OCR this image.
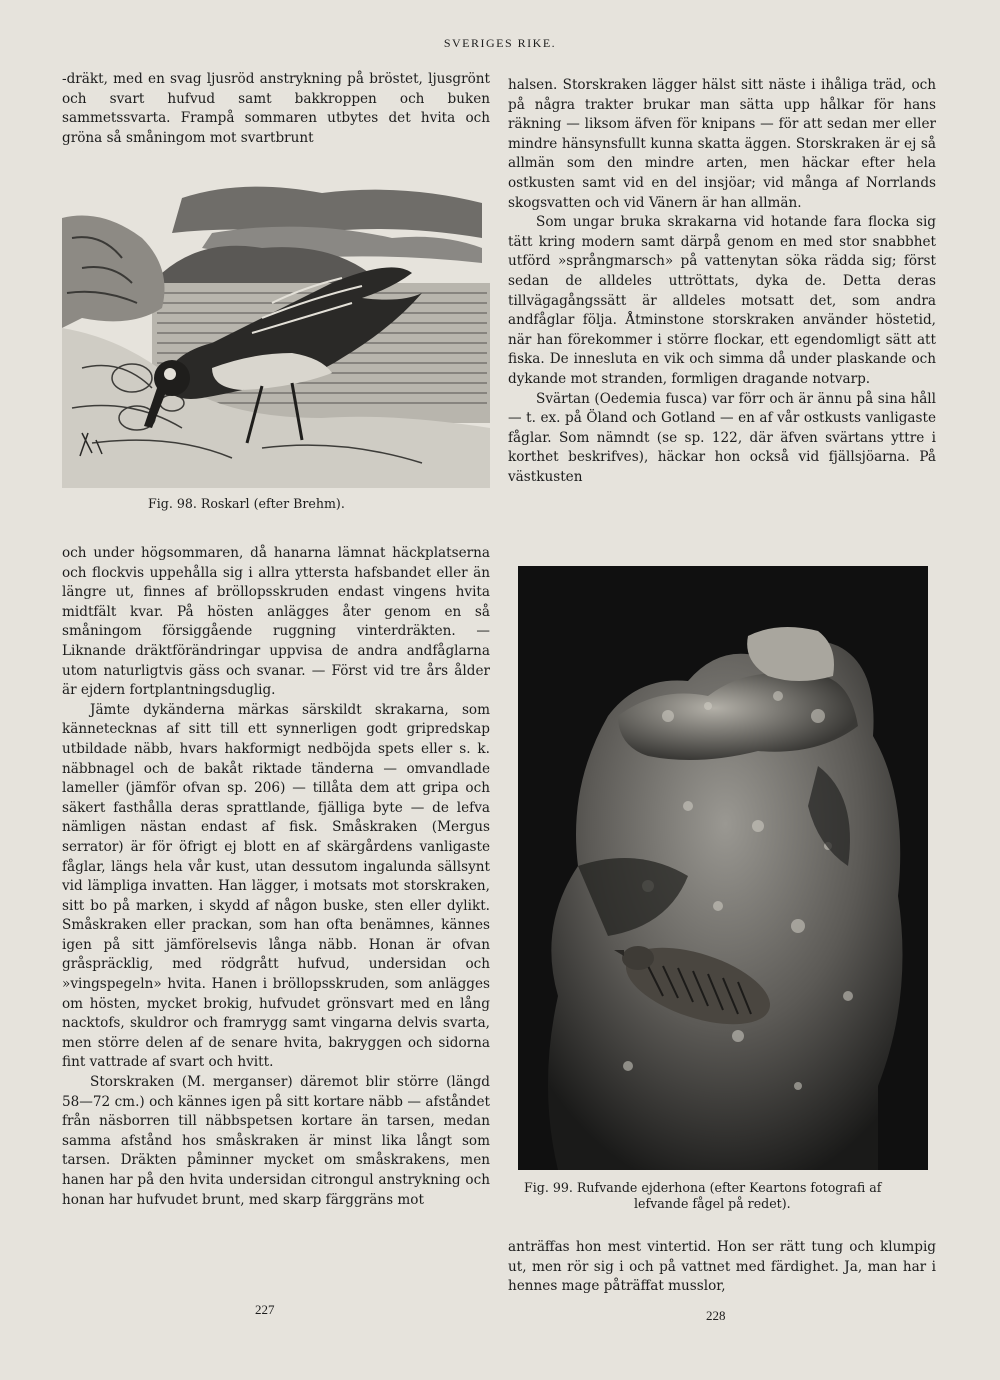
SVERIGES RIKE.

-dräkt, med en svag ljusröd anstrykning på bröstet, ljusgrönt och svart hufvud samt bakkroppen och buken sammetssvarta. Frampå sommaren utbytes det hvita och gröna så småningom mot svartbrunt

Fig. 98. Roskarl (efter Brehm).

och under högsommaren, då hanarna lämnat häckplatserna och flockvis uppehålla sig i allra yttersta hafsbandet eller än längre ut, finnes af bröllopsskruden endast vingens hvita midtfält kvar. På hösten anlägges åter genom en så småningom försiggående ruggning vinterdräkten. — Liknande dräktförändringar uppvisa de andra andfåglarna utom naturligtvis gäss och svanar. — Först vid tre års ålder är ejdern fortplantningsduglig.

Jämte dykänderna märkas särskildt skrakarna, som kännetecknas af sitt till ett synnerligen godt gripredskap utbildade näbb, hvars hakformigt nedböjda spets eller s. k. näbbnagel och de bakåt riktade tänderna — omvandlade lameller (jämför ofvan sp. 206) — tillåta dem att gripa och säkert fasthålla deras sprattlande, fjälliga byte — de lefva nämligen nästan endast af fisk. Småskraken (Mergus serrator) är för öfrigt ej blott en af skärgårdens vanligaste fåglar, längs hela vår kust, utan dessutom ingalunda sällsynt vid lämpliga invatten. Han lägger, i motsats mot storskraken, sitt bo på marken, i skydd af någon buske, sten eller dylikt. Småskraken eller prackan, som han ofta benämnes, kännes igen på sitt jämförelsevis långa näbb. Honan är ofvan gråspräcklig, med rödgrått hufvud, undersidan och »vingspegeln» hvita. Hanen i bröllopsskruden, som anlägges om hösten, mycket brokig, hufvudet grönsvart med en lång nacktofs, skuldror och framrygg samt vingarna delvis svarta, men större delen af de senare hvita, bakryggen och sidorna fint vattrade af svart och hvitt.

Storskraken (M. merganser) däremot blir större (längd 58—72 cm.) och kännes igen på sitt kortare näbb — afståndet från näsborren till näbbspetsen kortare än tarsen, medan samma afstånd hos småskraken är minst lika långt som tarsen. Dräkten påminner mycket om småskrakens, men hanen har på den hvita undersidan citrongul anstrykning och honan har hufvudet brunt, med skarp färggräns mot

227

halsen. Storskraken lägger hälst sitt näste i ihåliga träd, och på några trakter brukar man sätta upp hålkar för hans räkning — liksom äfven för knipans — för att sedan mer eller mindre hänsynsfullt kunna skatta äggen. Storskraken är ej så allmän som den mindre arten, men häckar efter hela ostkusten samt vid en del insjöar; vid många af Norrlands skogsvatten och vid Vänern är han allmän.

Som ungar bruka skrakarna vid hotande fara flocka sig tätt kring modern samt därpå genom en med stor snabbhet utförd »språngmarsch» på vattenytan söka rädda sig; först sedan de alldeles uttröttats, dyka de. Detta deras tillvägagångssätt är alldeles motsatt det, som andra andfåglar följa. Åtminstone storskraken använder höstetid, när han förekommer i större flockar, ett egendomligt sätt att fiska. De innesluta en vik och simma då under plaskande och dykande mot stranden, formligen dragande notvarp.

Svärtan (Oedemia fusca) var förr och är ännu på sina håll — t. ex. på Öland och Gotland — en af vår ostkusts vanligaste fåglar. Som nämndt (se sp. 122, där äfven svärtans yttre i korthet beskrifves), häckar hon också vid fjällsjöarna. På västkusten

Fig. 99. Rufvande ejderhona (efter Keartons fotografi af
lefvande fågel på redet).

anträffas hon mest vintertid. Hon ser rätt tung och klumpig ut, men rör sig i och på vattnet med färdighet. Ja, man har i hennes mage påträffat musslor,

228
